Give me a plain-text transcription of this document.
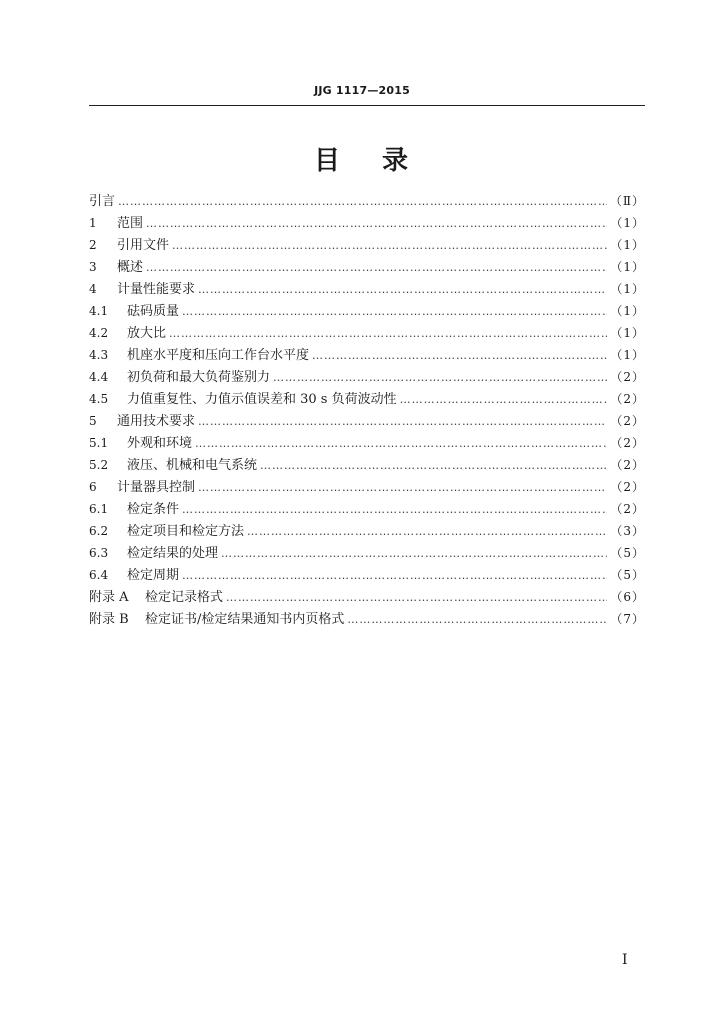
JJG 1117—2015
目 录
引言 …………………………………………………………………………………………………………………………………………………………………………………………	（Ⅱ）
1	范围 …………………………………………………………………………………………………………………………………………………………………………………………	（1）
2	引用文件 …………………………………………………………………………………………………………………………………………………………………………………………	（1）
3	概述 …………………………………………………………………………………………………………………………………………………………………………………………	（1）
4	计量性能要求 …………………………………………………………………………………………………………………………………………………………………………………………	（1）
4.1	砝码质量 …………………………………………………………………………………………………………………………………………………………………………………………	（1）
4.2	放大比 …………………………………………………………………………………………………………………………………………………………………………………………	（1）
4.3	机座水平度和压向工作台水平度 …………………………………………………………………………………………………………………………………………………………………………………………	（1）
4.4	初负荷和最大负荷鉴别力 …………………………………………………………………………………………………………………………………………………………………………………………	（2）
4.5	力值重复性、力值示值误差和 30 s 负荷波动性 …………………………………………………………………………………………………………………………………………………………………………………………	（2）
5	通用技术要求 …………………………………………………………………………………………………………………………………………………………………………………………	（2）
5.1	外观和环境 …………………………………………………………………………………………………………………………………………………………………………………………	（2）
5.2	液压、机械和电气系统 …………………………………………………………………………………………………………………………………………………………………………………………	（2）
6	计量器具控制 …………………………………………………………………………………………………………………………………………………………………………………………	（2）
6.1	检定条件 …………………………………………………………………………………………………………………………………………………………………………………………	（2）
6.2	检定项目和检定方法 …………………………………………………………………………………………………………………………………………………………………………………………	（3）
6.3	检定结果的处理 …………………………………………………………………………………………………………………………………………………………………………………………	（5）
6.4	检定周期 …………………………………………………………………………………………………………………………………………………………………………………………	（5）
附录 A	检定记录格式 …………………………………………………………………………………………………………………………………………………………………………………………	（6）
附录 B	检定证书/检定结果通知书内页格式 …………………………………………………………………………………………………………………………………………………………………………………………	（7）
Ⅰ
